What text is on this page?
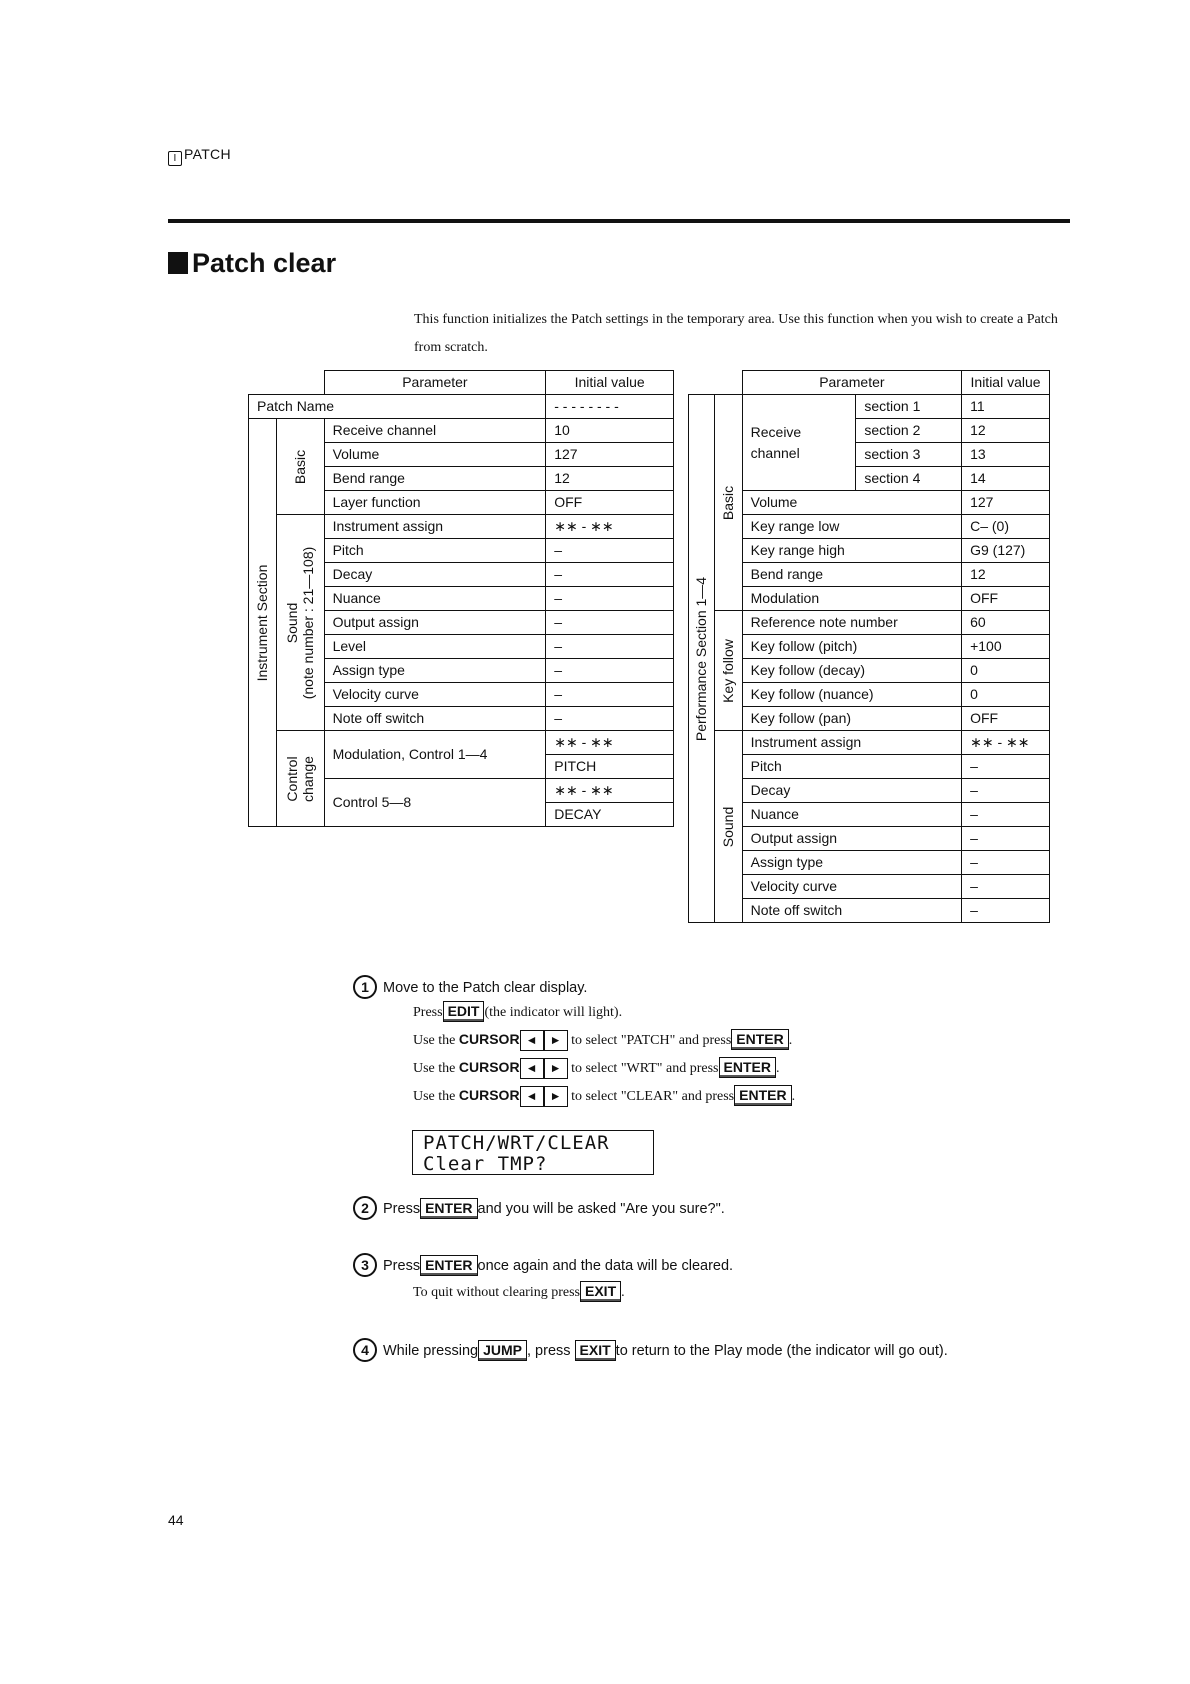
I PATCH
Patch clear
This function initializes the Patch settings in the temporary area. Use this function when you wish to create a Patch from scratch.
		Parameter	Initial value
Patch Name			- - - - - - - -

Instrument Section	Basic	Receive channel	10
		Volume	127
		Bend range	12
		Layer function	OFF

	Sound (note number : 21—108)	Instrument assign	∗∗ - ∗∗
		Pitch	–
		Decay	–
		Nuance	–
		Output assign	–
		Level	–
		Assign type	–
		Velocity curve	–
		Note off switch	–

	Control change	Modulation, Control 1—4	∗∗ - ∗∗
			PITCH
		Control 5—8	∗∗ - ∗∗
			DECAY
		Parameter		Initial value

Performance Section 1—4	Basic	Receive channel	section 1	11
			section 2	12
			section 3	13
			section 4	14
		Volume		127
		Key range low		C– (0)
		Key range high		G9 (127)
		Bend range		12
		Modulation		OFF

	Key follow	Reference note number		60
		Key follow (pitch)		+100
		Key follow (decay)		0
		Key follow (nuance)		0
		Key follow (pan)		OFF

	Sound	Instrument assign		∗∗ - ∗∗
		Pitch		–
		Decay		–
		Nuance		–
		Output assign		–
		Assign type		–
		Velocity curve		–
		Note off switch		–
1 Move to the Patch clear display.
Press EDIT (the indicator will light).
Use the CURSOR ◄ ► to select "PATCH" and press ENTER .
Use the CURSOR ◄ ► to select "WRT" and press ENTER .
Use the CURSOR ◄ ► to select "CLEAR" and press ENTER .
2 Press ENTER and you will be asked "Are you sure?".
3 Press ENTER once again and the data will be cleared.
To quit without clearing press EXIT .
4 While pressing JUMP , press EXIT to return to the Play mode (the indicator will go out).
PATCH/WRT/CLEAR
Clear TMP?
44
